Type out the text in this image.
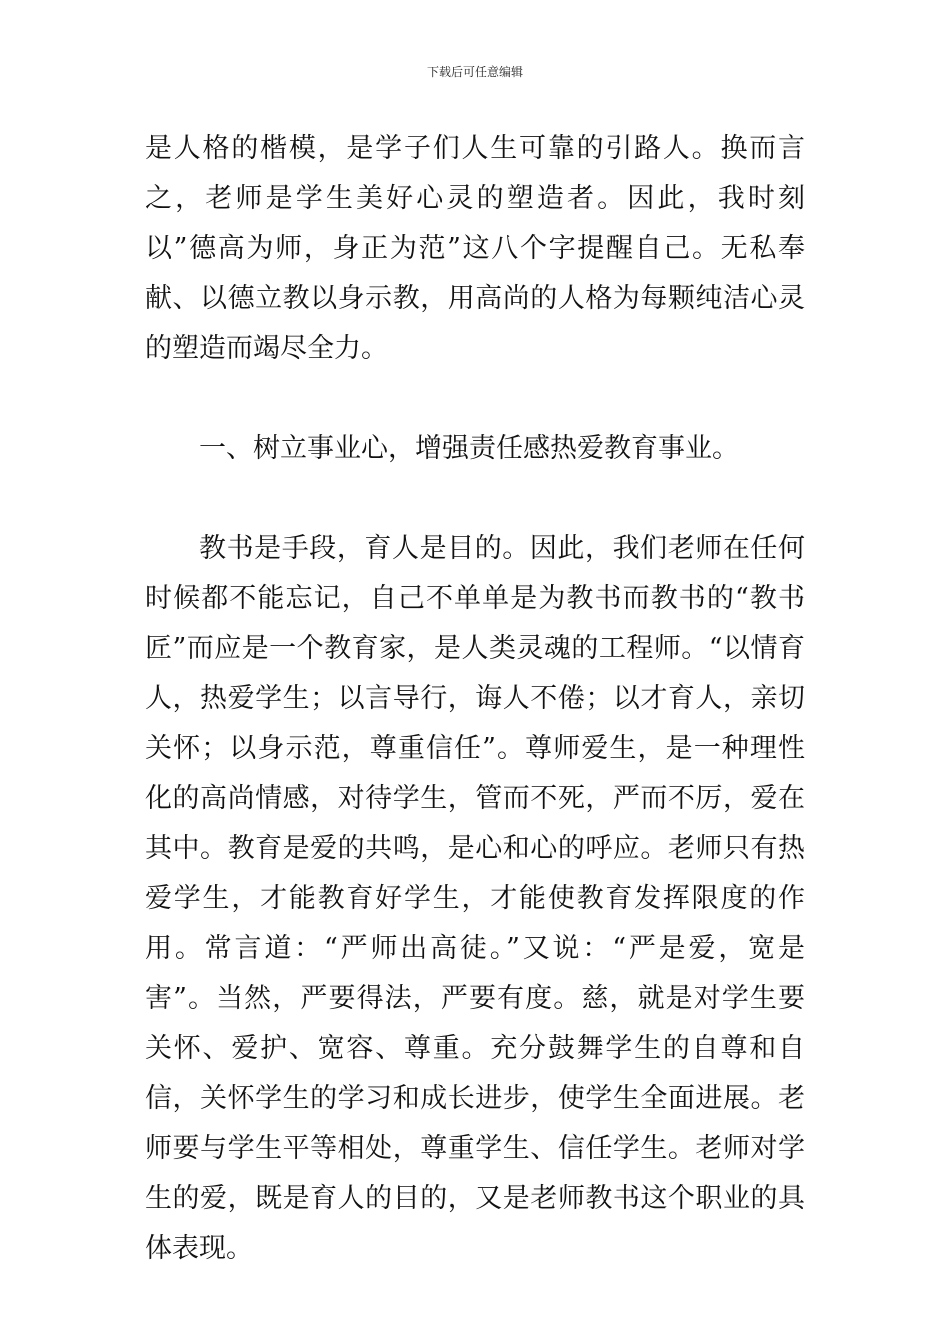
下载后可任意编辑

是人格的楷模，是学子们人生可靠的引路人。换而言之，老师是学生美好心灵的塑造者。因此，我时刻以”德高为师，身正为范”这八个字提醒自己。无私奉献、以德立教以身示教，用高尚的人格为每颗纯洁心灵的塑造而竭尽全力。

一、树立事业心，增强责任感热爱教育事业。

教书是手段，育人是目的。因此，我们老师在任何时候都不能忘记，自己不单单是为教书而教书的“教书匠”而应是一个教育家，是人类灵魂的工程师。“以情育人，热爱学生；以言导行，诲人不倦；以才育人，亲切关怀；以身示范，尊重信任”。尊师爱生，是一种理性化的高尚情感，对待学生，管而不死，严而不厉，爱在其中。教育是爱的共鸣，是心和心的呼应。老师只有热爱学生，才能教育好学生，才能使教育发挥限度的作用。常言道：“严师出高徒。”又说：“严是爱，宽是害”。当然，严要得法，严要有度。慈，就是对学生要关怀、爱护、宽容、尊重。充分鼓舞学生的自尊和自信，关怀学生的学习和成长进步，使学生全面进展。老师要与学生平等相处，尊重学生、信任学生。老师对学生的爱，既是育人的目的，又是老师教书这个职业的具体表现。
